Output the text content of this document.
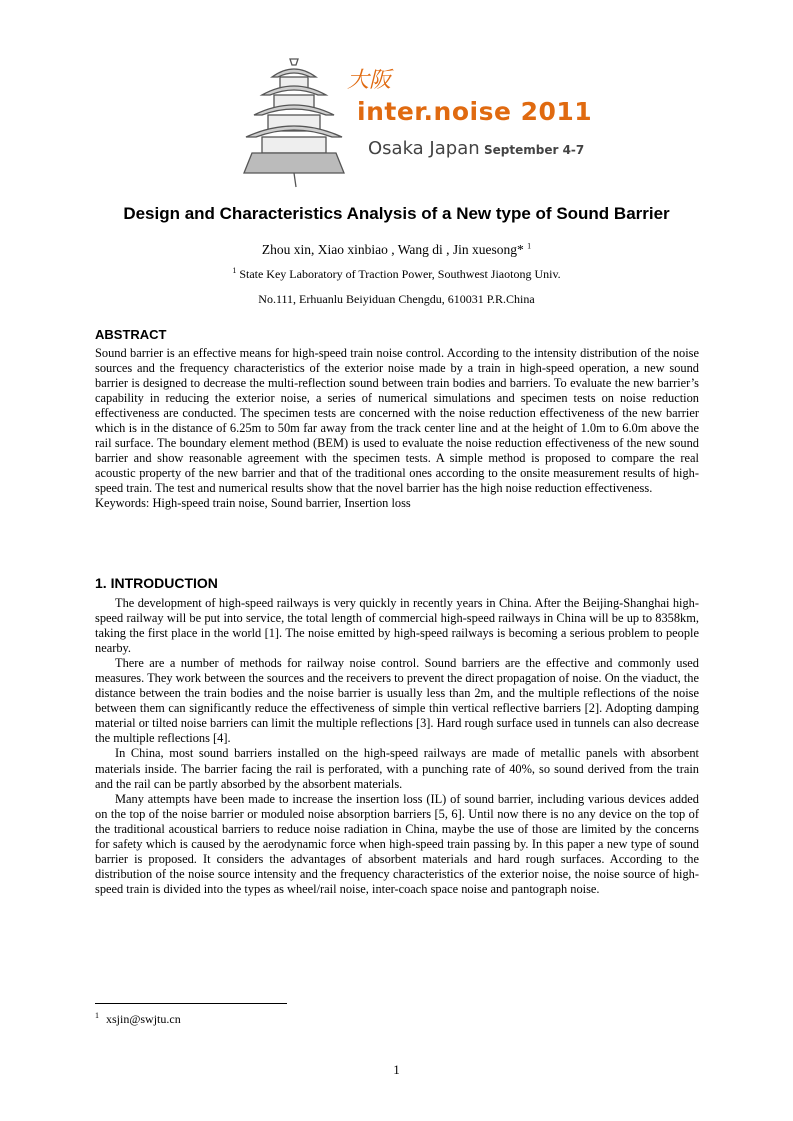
大阪
inter.noise 2011
Osaka Japan September 4-7
Design and Characteristics Analysis of a New type of Sound Barrier
Zhou xin, Xiao xinbiao , Wang di , Jin xuesong* $^1$
$^1$ State Key Laboratory of Traction Power, Southwest Jiaotong Univ.
No.111, Erhuanlu Beiyiduan Chengdu, 610031 P.R.China
ABSTRACT

Sound barrier is an effective means for high-speed train noise control. According to the intensity distribution of the noise sources and the frequency characteristics of the exterior noise made by a train in high-speed operation, a new sound barrier is designed to decrease the multi-reflection sound between train bodies and barriers. To evaluate the new barrier’s capability in reducing the exterior noise, a series of numerical simulations and specimen tests on noise reduction effectiveness are conducted. The specimen tests are concerned with the noise reduction effectiveness of the new barrier which is in the distance of 6.25m to 50m far away from the track center line and at the height of 1.0m to 6.0m above the rail surface. The boundary element method (BEM) is used to evaluate the noise reduction effectiveness of the new sound barrier and show reasonable agreement with the specimen tests. A simple method is proposed to compare the real acoustic property of the new barrier and that of the traditional ones according to the onsite measurement results of high-speed train. The test and numerical results show that the novel barrier has the high noise reduction effectiveness.

Keywords: High-speed train noise, Sound barrier, Insertion loss

1. INTRODUCTION

The development of high-speed railways is very quickly in recently years in China. After the Beijing-Shanghai high-speed railway will be put into service, the total length of commercial high-speed railways in China will be up to 8358km, taking the first place in the world [1]. The noise emitted by high-speed railways is becoming a serious problem to people nearby.

There are a number of methods for railway noise control. Sound barriers are the effective and commonly used measures. They work between the sources and the receivers to prevent the direct propagation of noise. On the viaduct, the distance between the train bodies and the noise barrier is usually less than 2m, and the multiple reflections of the noise between them can significantly reduce the effectiveness of simple thin vertical reflective barriers [2]. Adopting damping material or tilted noise barriers can limit the multiple reflections [3]. Hard rough surface used in tunnels can also decrease the multiple reflections [4].

In China, most sound barriers installed on the high-speed railways are made of metallic panels with absorbent materials inside. The barrier facing the rail is perforated, with a punching rate of 40%, so sound derived from the train and the rail can be partly absorbed by the absorbent materials.

Many attempts have been made to increase the insertion loss (IL) of sound barrier, including various devices added on the top of the noise barrier or moduled noise absorption barriers [5, 6]. Until now there is no any device on the top of the traditional acoustical barriers to reduce noise radiation in China, maybe the use of those are limited by the concerns for safety which is caused by the aerodynamic force when high-speed train passing by. In this paper a new type of sound barrier is proposed. It considers the advantages of absorbent materials and hard rough surfaces. According to the distribution of the noise source intensity and the frequency characteristics of the exterior noise, the noise source of high-speed train is divided into the types as wheel/rail noise, inter-coach space noise and pantograph noise.

$^1$ xsjin@swjtu.cn
1
